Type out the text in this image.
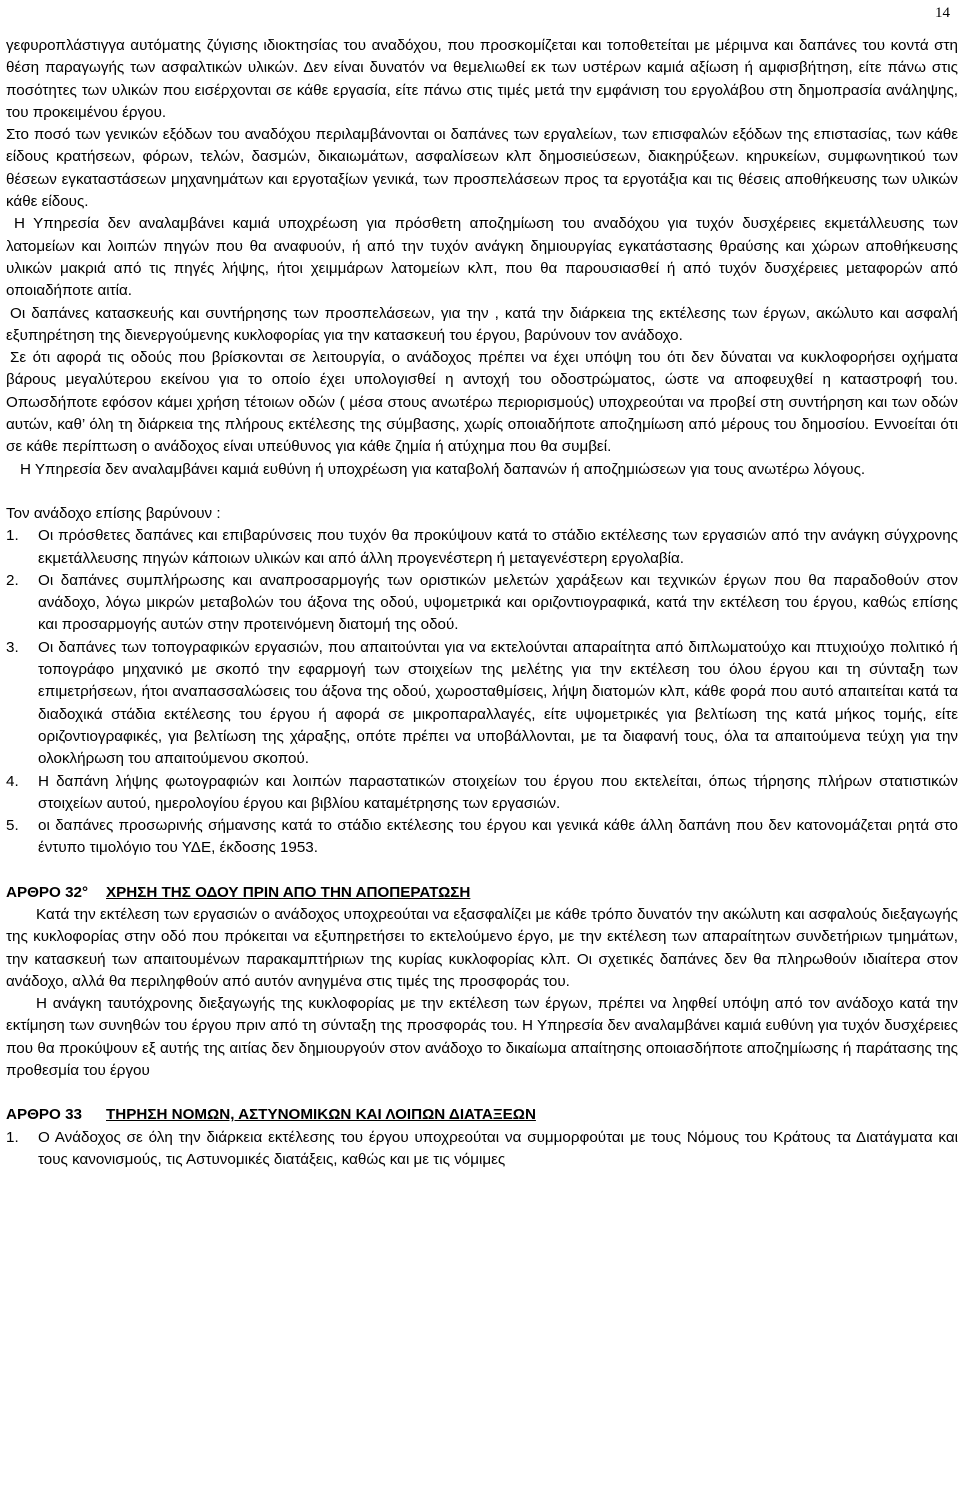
14

γεφυροπλάστιγγα αυτόματης ζύγισης ιδιοκτησίας του αναδόχου, που προσκομίζεται και τοποθετείται με μέριμνα και δαπάνες του κοντά στη θέση παραγωγής των ασφαλτικών υλικών. Δεν είναι δυνατόν να θεμελιωθεί εκ των υστέρων καμιά αξίωση ή αμφισβήτηση, είτε πάνω στις ποσότητες των υλικών που εισέρχονται σε κάθε εργασία, είτε πάνω στις τιμές μετά την εμφάνιση του εργολάβου στη δημοπρασία ανάληψης, του προκειμένου έργου.

Στο ποσό των γενικών εξόδων του αναδόχου περιλαμβάνονται οι δαπάνες των εργαλείων, των επισφαλών εξόδων της επιστασίας, των κάθε είδους κρατήσεων, φόρων, τελών, δασμών, δικαιωμάτων, ασφαλίσεων κλπ δημοσιεύσεων, διακηρύξεων. κηρυκείων, συμφωνητικού των θέσεων εγκαταστάσεων μηχανημάτων και εργοταξίων γενικά, των προσπελάσεων προς τα εργοτάξια και τις θέσεις αποθήκευσης των υλικών κάθε είδους.

Η Υπηρεσία δεν αναλαμβάνει καμιά υποχρέωση για πρόσθετη αποζημίωση του αναδόχου για τυχόν δυσχέρειες εκμετάλλευσης των λατομείων και λοιπών πηγών που θα αναφυούν, ή από την τυχόν ανάγκη δημιουργίας εγκατάστασης θραύσης και χώρων αποθήκευσης υλικών μακριά από τις πηγές λήψης, ήτοι χειμμάρων λατομείων κλπ, που θα παρουσιασθεί ή από τυχόν δυσχέρειες μεταφορών από οποιαδήποτε αιτία.

Οι δαπάνες κατασκευής και συντήρησης των προσπελάσεων, για την , κατά την διάρκεια της εκτέλεσης των έργων, ακώλυτο και ασφαλή εξυπηρέτηση της διενεργούμενης κυκλοφορίας για την κατασκευή του έργου, βαρύνουν τον ανάδοχο.

Σε ότι αφορά τις οδούς που βρίσκονται σε λειτουργία, ο ανάδοχος πρέπει να έχει υπόψη του ότι δεν δύναται να κυκλοφορήσει οχήματα βάρους μεγαλύτερου εκείνου για το οποίο έχει υπολογισθεί η αντοχή του οδοστρώματος, ώστε να αποφευχθεί η καταστροφή του. Οπωσδήποτε εφόσον κάμει χρήση τέτοιων οδών ( μέσα στους ανωτέρω περιορισμούς) υποχρεούται να προβεί στη συντήρηση και των οδών αυτών, καθ’ όλη τη διάρκεια της πλήρους εκτέλεσης της σύμβασης, χωρίς οποιαδήποτε αποζημίωση από μέρους του δημοσίου. Εννοείται ότι σε κάθε περίπτωση ο ανάδοχος είναι υπεύθυνος για κάθε ζημία ή ατύχημα που θα συμβεί.

Η Υπηρεσία δεν αναλαμβάνει καμιά ευθύνη ή υποχρέωση για καταβολή δαπανών ή αποζημιώσεων για τους ανωτέρω λόγους.

Τον ανάδοχο επίσης βαρύνουν :

1.	Οι πρόσθετες δαπάνες και επιβαρύνσεις που τυχόν θα προκύψουν κατά το στάδιο εκτέλεσης των εργασιών από την ανάγκη σύγχρονης εκμετάλλευσης πηγών κάποιων υλικών και από άλλη προγενέστερη ή μεταγενέστερη εργολαβία.
2.	Οι δαπάνες συμπλήρωσης και αναπροσαρμογής των οριστικών μελετών χαράξεων και τεχνικών έργων που θα παραδοθούν στον ανάδοχο, λόγω μικρών μεταβολών του άξονα της οδού, υψομετρικά και οριζοντιογραφικά, κατά την εκτέλεση του έργου, καθώς επίσης και προσαρμογής αυτών στην προτεινόμενη διατομή της οδού.
3.	Οι δαπάνες των τοπογραφικών εργασιών, που απαιτούνται για να εκτελούνται απαραίτητα από διπλωματούχο και πτυχιούχο πολιτικό ή τοπογράφο μηχανικό με σκοπό την εφαρμογή των στοιχείων της μελέτης για την εκτέλεση του όλου έργου και τη σύνταξη των επιμετρήσεων, ήτοι αναπασσαλώσεις του άξονα της οδού, χωροσταθμίσεις, λήψη διατομών κλπ, κάθε φορά που αυτό απαιτείται κατά τα διαδοχικά στάδια εκτέλεσης του έργου ή αφορά σε μικροπαραλλαγές, είτε υψομετρικές για βελτίωση της κατά μήκος τομής, είτε οριζοντιογραφικές, για βελτίωση της χάραξης, οπότε πρέπει να υποβάλλονται, με τα διαφανή τους, όλα τα απαιτούμενα τεύχη για την ολοκλήρωση του απαιτούμενου σκοπού.
4.	Η δαπάνη λήψης φωτογραφιών και λοιπών παραστατικών στοιχείων του έργου που εκτελείται, όπως τήρησης πλήρων στατιστικών στοιχείων αυτού, ημερολογίου έργου και βιβλίου καταμέτρησης των εργασιών.
5.	οι δαπάνες προσωρινής σήμανσης κατά το στάδιο εκτέλεσης του έργου και γενικά κάθε άλλη δαπάνη που δεν κατονομάζεται ρητά στο έντυπο τιμολόγιο του ΥΔΕ, έκδοσης 1953.

ΑΡΘΡΟ 32° ΧΡΗΣΗ ΤΗΣ ΟΔΟΥ ΠΡΙΝ ΑΠΟ ΤΗΝ ΑΠΟΠΕΡΑΤΩΣΗ

Κατά την εκτέλεση των εργασιών ο ανάδοχος υποχρεούται να εξασφαλίζει με κάθε τρόπο δυνατόν την ακώλυτη και ασφαλούς διεξαγωγής της κυκλοφορίας στην οδό που πρόκειται να εξυπηρετήσει το εκτελούμενο έργο, με την εκτέλεση των απαραίτητων συνδετήριων τμημάτων, την κατασκευή των απαιτουμένων παρακαμπτήριων της κυρίας κυκλοφορίας κλπ. Οι σχετικές δαπάνες δεν θα πληρωθούν ιδιαίτερα στον ανάδοχο, αλλά θα περιληφθούν από αυτόν ανηγμένα στις τιμές της προσφοράς του.

Η ανάγκη ταυτόχρονης διεξαγωγής της κυκλοφορίας με την εκτέλεση των έργων, πρέπει να ληφθεί υπόψη από τον ανάδοχο κατά την εκτίμηση των συνηθών του έργου πριν από τη σύνταξη της προσφοράς του. Η Υπηρεσία δεν αναλαμβάνει καμιά ευθύνη για τυχόν δυσχέρειες που θα προκύψουν εξ αυτής της αιτίας δεν δημιουργούν στον ανάδοχο το δικαίωμα απαίτησης οποιασδήποτε αποζημίωσης ή παράτασης της προθεσμία του έργου

ΑΡΘΡΟ 33 ΤΗΡΗΣΗ ΝΟΜΩΝ, ΑΣΤΥΝΟΜΙΚΩΝ ΚΑΙ ΛΟΙΠΩΝ ΔΙΑΤΑΞΕΩΝ

1.	Ο Ανάδοχος σε όλη την διάρκεια εκτέλεσης του έργου υποχρεούται να συμμορφούται με τους Νόμους του Κράτους τα Διατάγματα και τους κανονισμούς, τις Αστυνομικές διατάξεις, καθώς και με τις νόμιμες
